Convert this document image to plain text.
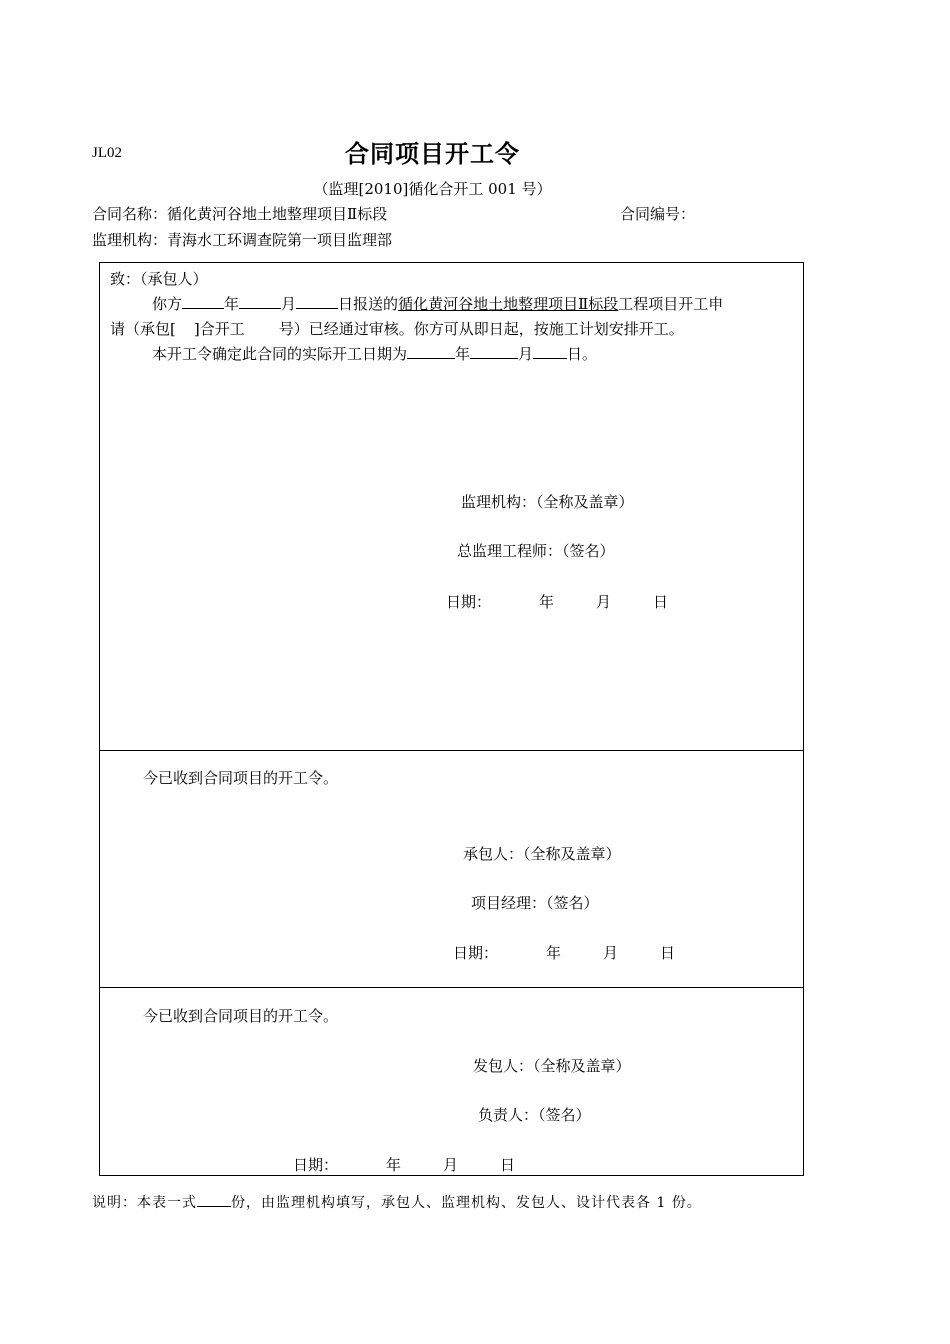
JL02	合同项目开工令
（监理[2010]循化合开工 001 号）
合同名称：循化黄河谷地土地整理项目Ⅱ标段	合同编号：
监理机构：青海水工环调查院第一项目监理部
致：（承包人）
你方	年	月	日报送的循化黄河谷地土地整理项目Ⅱ标段工程项目开工申
请（承包[ ]合开工 号）已经通过审核。你方可从即日起，按施工计划安排开工。
本开工令确定此合同的实际开工日期为	年	月 日。
监理机构：（全称及盖章）
总监理工程师：（签名）
日期：	年	月	日
今已收到合同项目的开工令。
承包人：（全称及盖章）
项目经理：（签名）
日期：	年	月	日
今已收到合同项目的开工令。
发包人：（全称及盖章）
负责人：（签名）
日期：	年	月	日
说明：本表一式 份，由监理机构填写，承包人、监理机构、发包人、设计代表各 1 份。
